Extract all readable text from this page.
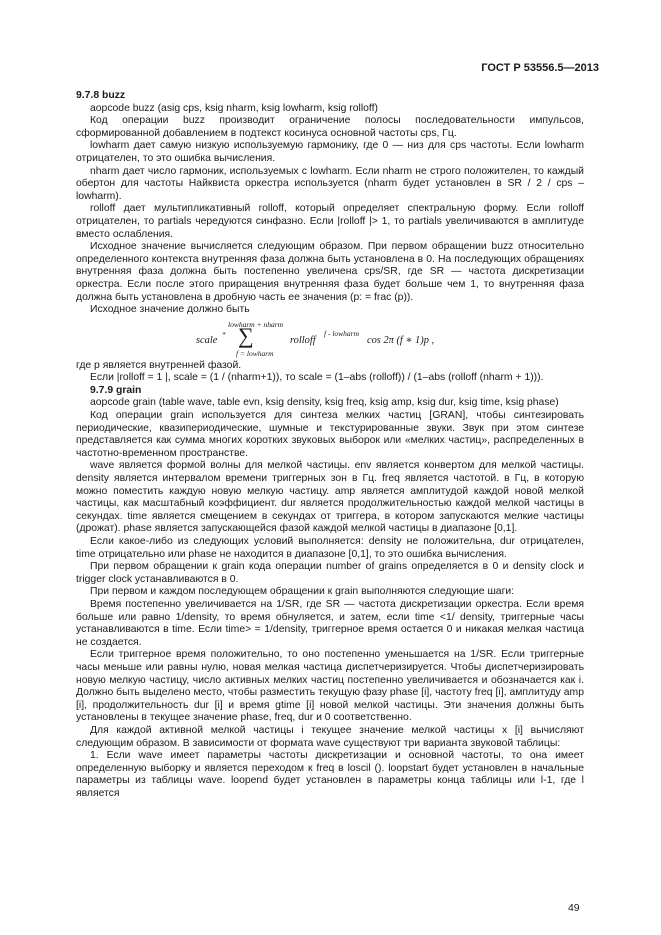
ГОСТ Р 53556.5—2013

9.7.8 buzz

aopcode buzz (asig cps, ksig nharm, ksig lowharm, ksig rolloff)

Код операции buzz производит ограничение полосы последовательности импульсов, сформированной добавлением в подтекст косинуса основной частоты cps, Гц.

lowharm дает самую низкую используемую гармонику, где 0 — низ для cps частоты. Если lowharm отрицателен, то это ошибка вычисления.

nharm дает число гармоник, используемых с lowharm. Если nharm не строго положителен, то каждый обертон для частоты Найквиста оркестра используется (nharm будет установлен в SR / 2 / cps – lowharm).

rolloff дает мультипликативный rolloff, который определяет спектральную форму. Если rolloff отрицателен, то partials чередуются синфазно. Если |rolloff |> 1, то partials увеличиваются в амплитуде вместо ослабления.

Исходное значение вычисляется следующим образом. При первом обращении buzz относительно определенного контекста внутренняя фаза должна быть установлена в 0. На последующих обращениях внутренняя фаза должна быть постепенно увеличена cps/SR, где SR — частота дискретизации оркестра. Если после этого приращения внутренняя фаза будет больше чем 1, то внутренняя фаза должна быть установлена в дробную часть ее значения (p: = frac (p)).

Исходное значение должно быть

scale *
lowharm + nharm
∑
f = lowharm
rolloff
f - lowharm
cos 2π (f ∗ 1)p ,

где p является внутренней фазой.

Если |rolloff = 1 |, scale = (1 / (nharm+1)), то scale = (1–abs (rolloff)) / (1–abs (rolloff (nharm + 1))).

9.7.9 grain

aopcode grain (table wave, table evn, ksig density, ksig freq, ksig amp, ksig dur, ksig time, ksig phase)

Код операции grain используется для синтеза мелких частиц [GRAN], чтобы синтезировать периодические, квазипериодические, шумные и текстурированные звуки. Звук при этом синтезе представляется как сумма многих коротких звуковых выборок или «мелких частиц», распределенных в частотно-временном пространстве.

wave является формой волны для мелкой частицы. env является конвертом для мелкой частицы. density является интервалом времени триггерных зон в Гц. freq является частотой. в Гц, в которую можно поместить каждую новую мелкую частицу. amp является амплитудой каждой новой мелкой частицы, как масштабный коэффициент. dur является продолжительностью каждой мелкой частицы в секундах. time является смещением в секундах от триггера, в котором запускаются мелкие частицы (дрожат). phase является запускающейся фазой каждой мелкой частицы в диапазоне [0,1].

Если какое-либо из следующих условий выполняется: density не положительна, dur отрицателен, time отрицательно или phase не находится в диапазоне [0,1], то это ошибка вычисления.

При первом обращении к grain кода операции number of grains определяется в 0 и density clock и trigger clock устанавливаются в 0.

При первом и каждом последующем обращении к grain выполняются следующие шаги:

Время постепенно увеличивается на 1/SR, где SR — частота дискретизации оркестра. Если время больше или равно 1/density, то время обнуляется, и затем, если time <1/ density, триггерные часы устанавливаются в time. Если time> = 1/density, триггерное время остается 0 и никакая мелкая частица не создается.

Если триггерное время положительно, то оно постепенно уменьшается на 1/SR. Если триггерные часы меньше или равны нулю, новая мелкая частица диспетчеризируется. Чтобы диспетчеризировать новую мелкую частицу, число активных мелких частиц постепенно увеличивается и обозначается как i. Должно быть выделено место, чтобы разместить текущую фазу phase [i], частоту freq [i], амплитуду amp [i], продолжительность dur [i] и время gtime [i] новой мелкой частицы. Эти значения должны быть установлены в текущее значение phase, freq, dur и 0 соответственно.

Для каждой активной мелкой частицы i текущее значение мелкой частицы x [i] вычисляют следующим образом. В зависимости от формата wave существуют три варианта звуковой таблицы:

1. Если wave имеет параметры частоты дискретизации и основной частоты, то она имеет определенную выборку и является переходом к freq в loscil (). loopstart будет установлен в начальные параметры из таблицы wave. loopend будет установлен в параметры конца таблицы или l-1, где l является

49
